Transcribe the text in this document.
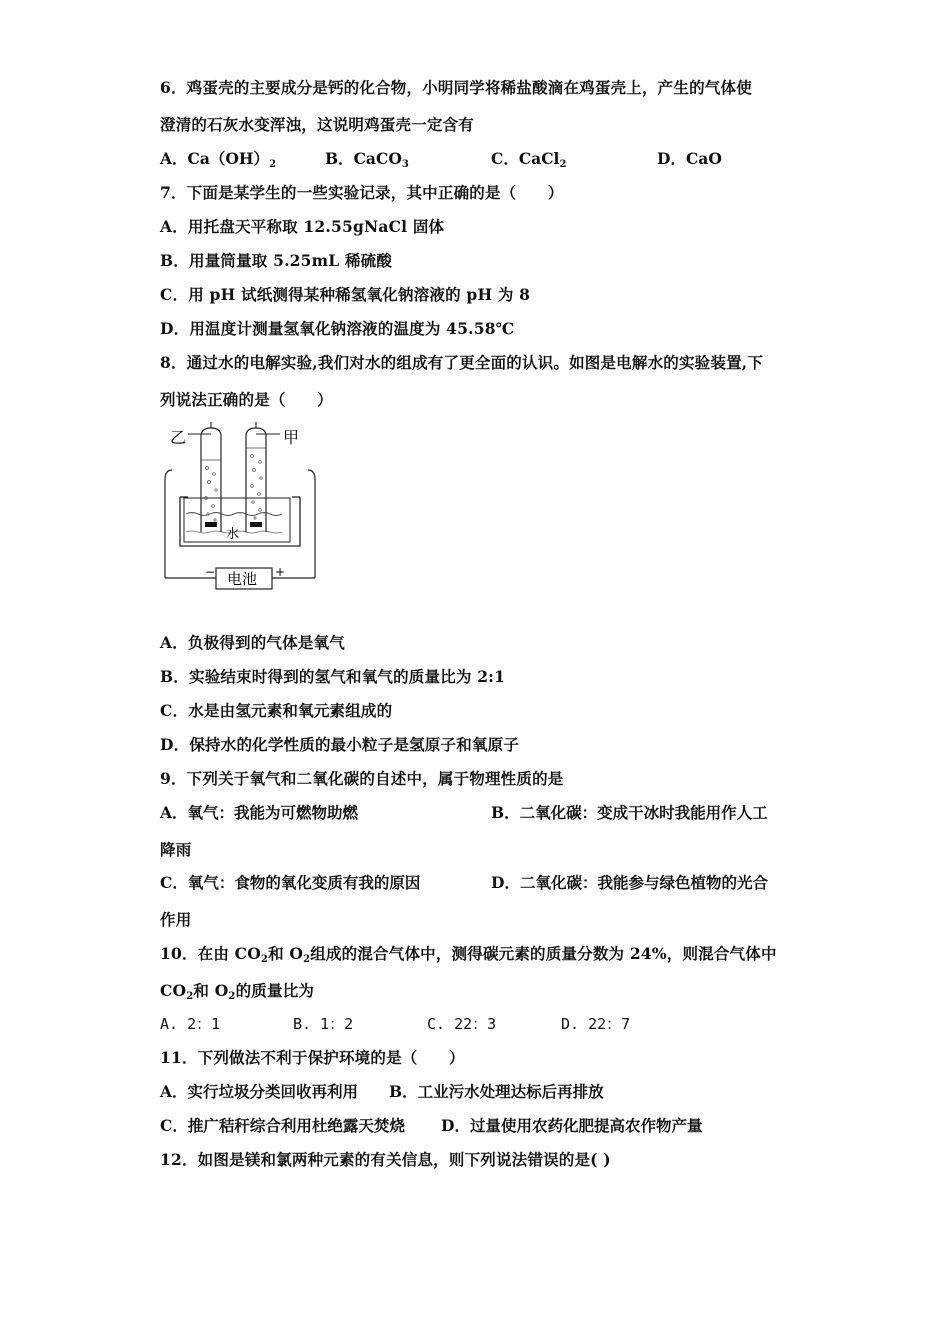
6．鸡蛋壳的主要成分是钙的化合物，小明同学将稀盐酸滴在鸡蛋壳上，产生的气体使
澄清的石灰水变浑浊，这说明鸡蛋壳一定含有
A．$Ca(OH)_2$	B．CaCO$_3$	C．CaCl$_2$	D．CaO
7．下面是某学生的一些实验记录，其中正确的是（　　）
A．用托盘天平称取 12.55gNaCl 固体
B．用量筒量取 5.25mL 稀硫酸
C．用 pH 试纸测得某种稀氢氧化钠溶液的 pH 为 8
D．用温度计测量氢氧化钠溶液的温度为 45.58℃
8．通过水的电解实验,我们对水的组成有了更全面的认识。如图是电解水的实验装置,下
列说法正确的是（　　）
乙	甲
水
电池
−	+
A．负极得到的气体是氧气
B．实验结束时得到的氢气和氧气的质量比为 2:1
C．水是由氢元素和氧元素组成的
D．保持水的化学性质的最小粒子是氢原子和氧原子
9．下列关于氧气和二氧化碳的自述中，属于物理性质的是
A．氧气：我能为可燃物助燃	B．二氧化碳：变成干冰时我能用作人工
降雨
C．氧气：食物的氧化变质有我的原因	D．二氧化碳：我能参与绿色植物的光合
作用
10．在由 $CO_2$和 $O_2$组成的混合气体中，测得碳元素的质量分数为 24%，则混合气体中
$CO_2$和 $O_2$的质量比为
A. 2：1	B. 1：2	C. 22：3	D. 22：7
11．下列做法不利于保护环境的是（　　）
A．实行垃圾分类回收再利用 B．工业污水处理达标后再排放
C．推广秸秆综合利用杜绝露天焚烧 D．过量使用农药化肥提高农作物产量
12．如图是镁和氯两种元素的有关信息，则下列说法错误的是( )
